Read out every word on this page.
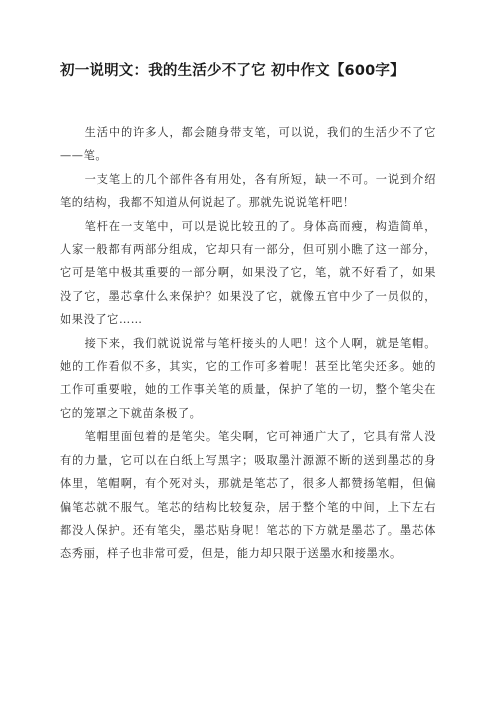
初一说明文：我的生活少不了它 初中作文【600字】

生活中的许多人，都会随身带支笔，可以说，我们的生活少不了它——笔。

一支笔上的几个部件各有用处，各有所短，缺一不可。一说到介绍笔的结构，我都不知道从何说起了。那就先说说笔杆吧！

笔杆在一支笔中，可以是说比较丑的了。身体高而瘦，构造简单，人家一般都有两部分组成，它却只有一部分，但可别小瞧了这一部分，它可是笔中极其重要的一部分啊，如果没了它，笔，就不好看了，如果没了它，墨芯拿什么来保护？如果没了它，就像五官中少了一员似的，如果没了它……

接下来，我们就说说常与笔杆接头的人吧！这个人啊，就是笔帽。她的工作看似不多，其实，它的工作可多着呢！甚至比笔尖还多。她的工作可重要啦，她的工作事关笔的质量，保护了笔的一切，整个笔尖在它的笼罩之下就苗条极了。

笔帽里面包着的是笔尖。笔尖啊，它可神通广大了，它具有常人没有的力量，它可以在白纸上写黑字；吸取墨汁源源不断的送到墨芯的身体里，笔帽啊，有个死对头，那就是笔芯了，很多人都赞扬笔帽，但偏偏笔芯就不服气。笔芯的结构比较复杂，居于整个笔的中间，上下左右都没人保护。还有笔尖，墨芯贴身呢！笔芯的下方就是墨芯了。墨芯体态秀丽，样子也非常可爱，但是，能力却只限于送墨水和接墨水。
